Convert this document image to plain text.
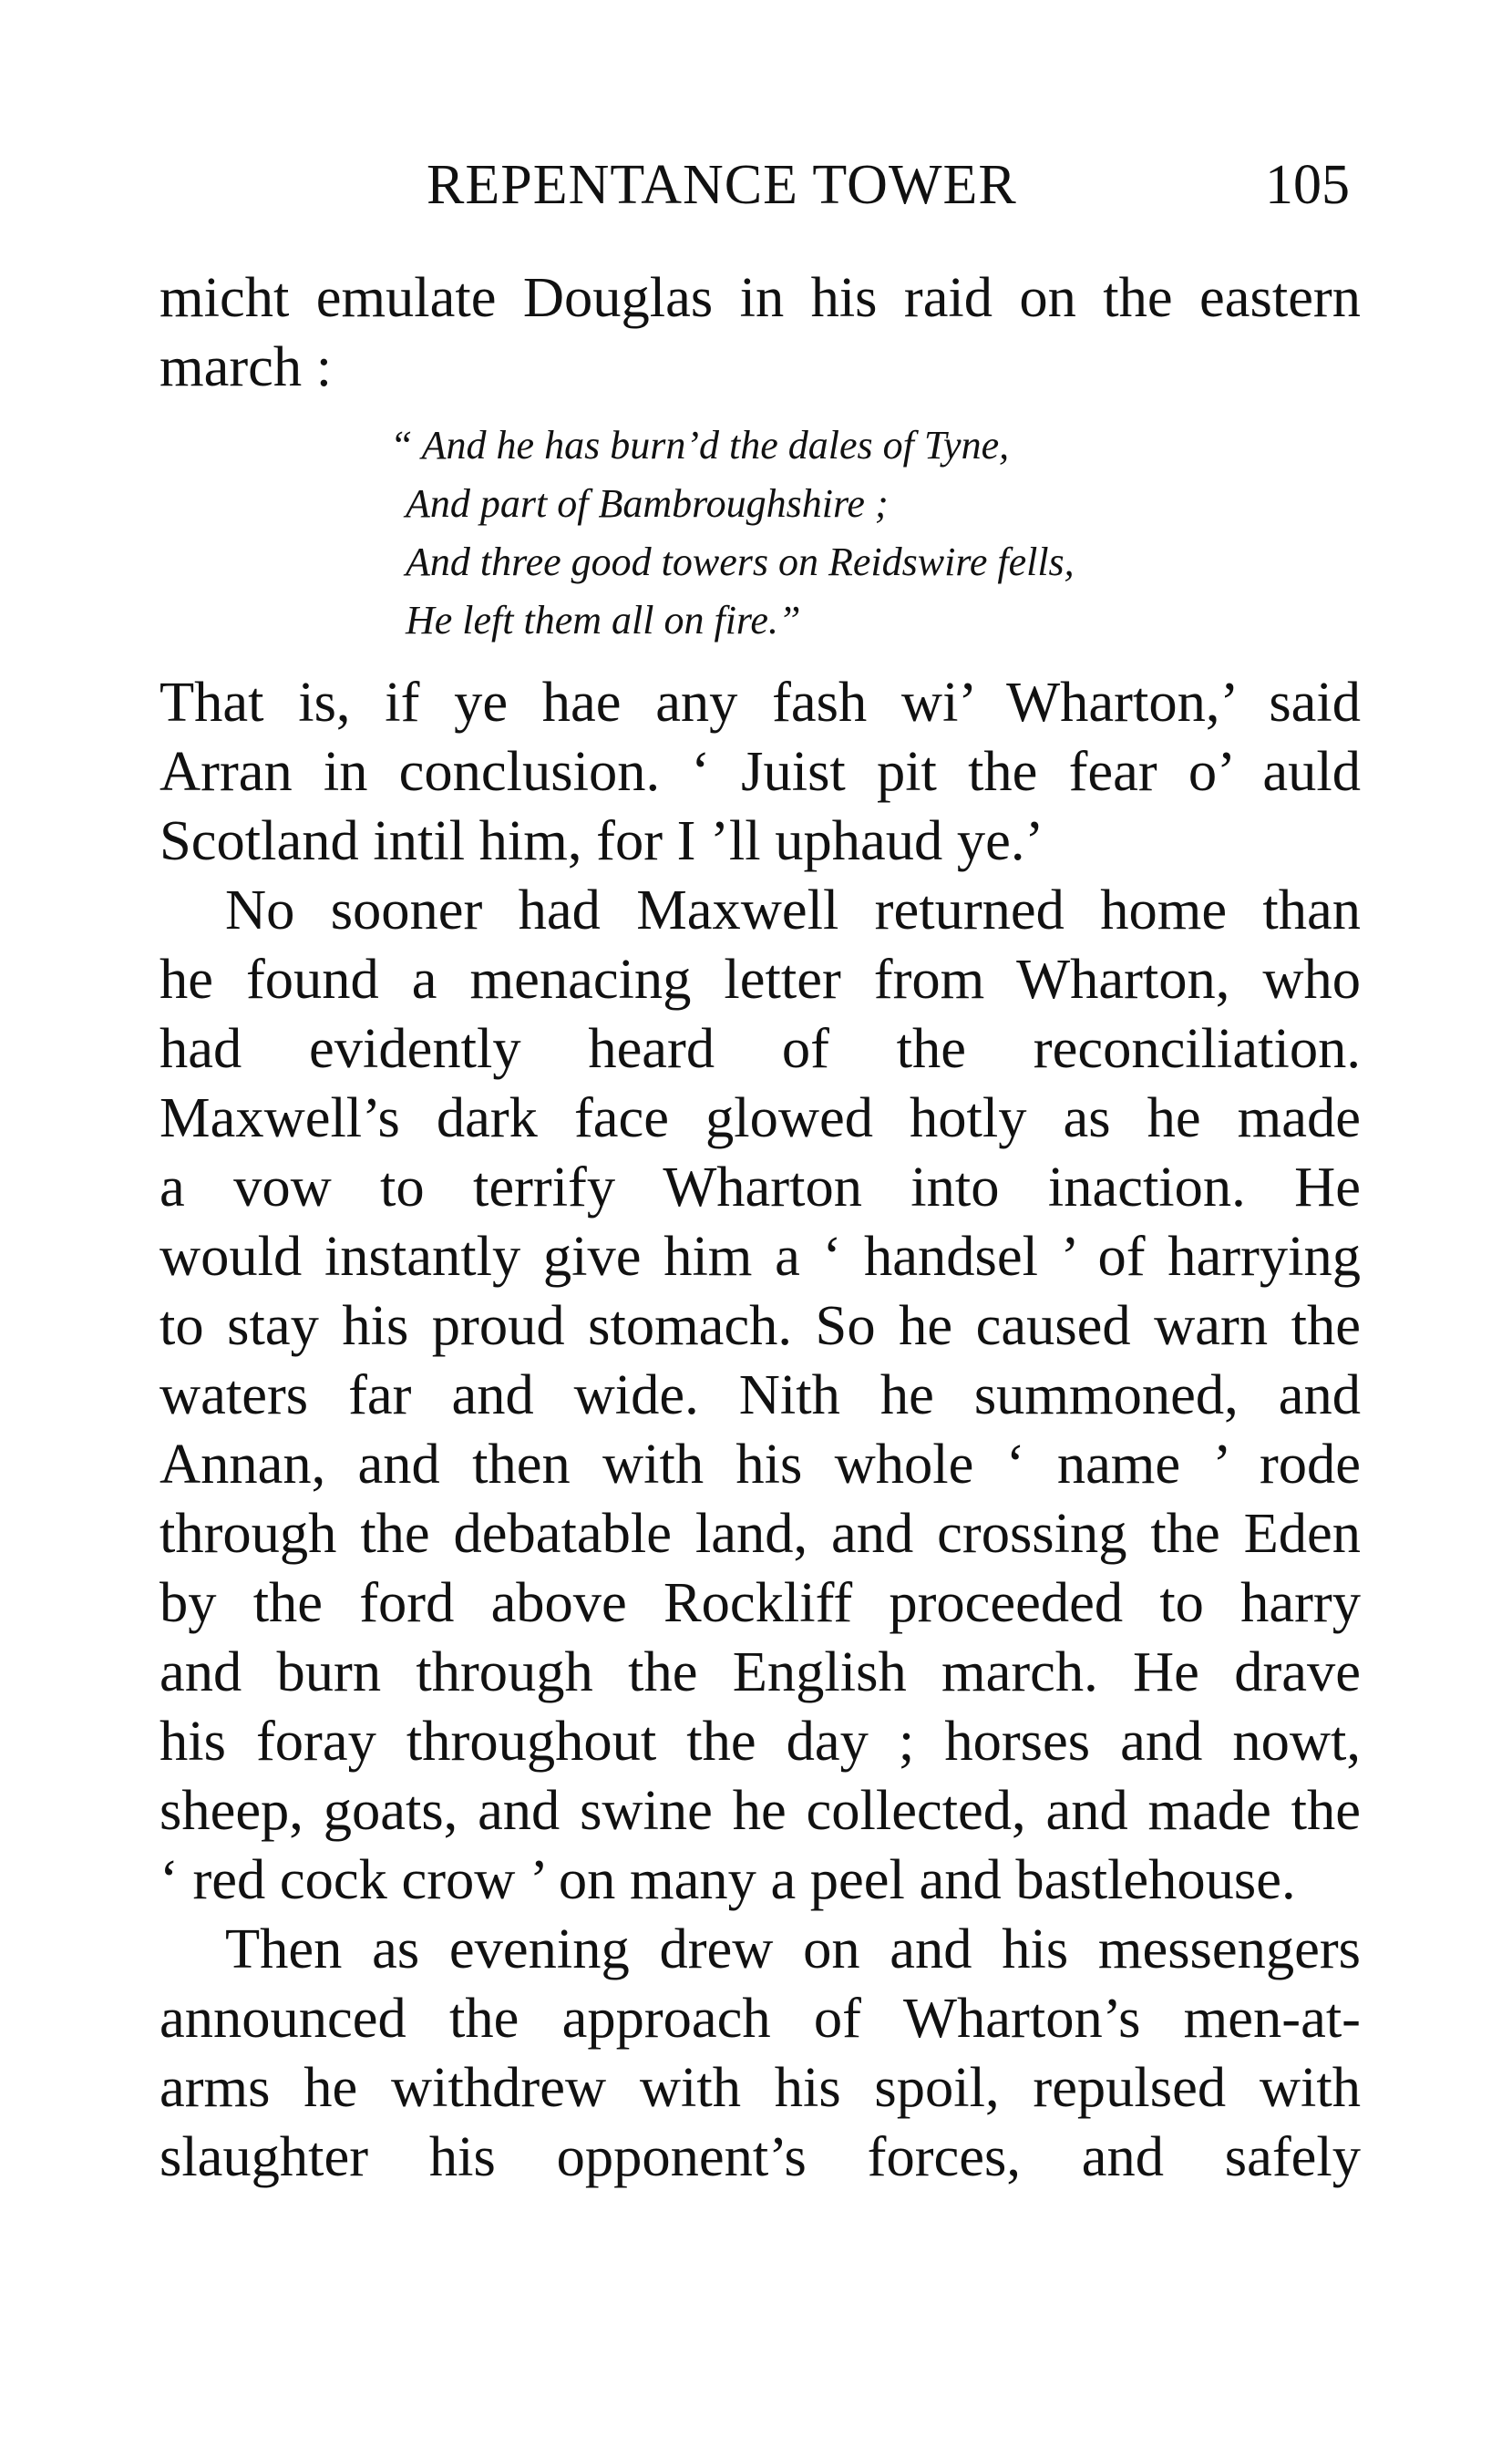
REPENTANCE TOWER	105
micht emulate Douglas in his raid on the eastern
march :
“ And he has burn’d the dales of Tyne,
And part of Bambroughshire ;
And three good towers on Reidswire fells,
He left them all on fire.”
That is, if ye hae any fash wi’ Wharton,’ said
Arran in conclusion. ‘ Juist pit the fear o’ auld
Scotland intil him, for I ’ll uphaud ye.’
No sooner had Maxwell returned home than
he found a menacing letter from Wharton, who
had evidently heard of the reconciliation.
Maxwell’s dark face glowed hotly as he made
a vow to terrify Wharton into inaction. He
would instantly give him a ‘ handsel ’ of harrying
to stay his proud stomach. So he caused warn the
waters far and wide. Nith he summoned, and
Annan, and then with his whole ‘ name ’ rode
through the debatable land, and crossing the Eden
by the ford above Rockliff proceeded to harry
and burn through the English march. He drave
his foray throughout the day ; horses and nowt,
sheep, goats, and swine he collected, and made the
‘ red cock crow ’ on many a peel and bastlehouse.
Then as evening drew on and his messengers
announced the approach of Wharton’s men-at-
arms he withdrew with his spoil, repulsed with
slaughter his opponent’s forces, and safely
